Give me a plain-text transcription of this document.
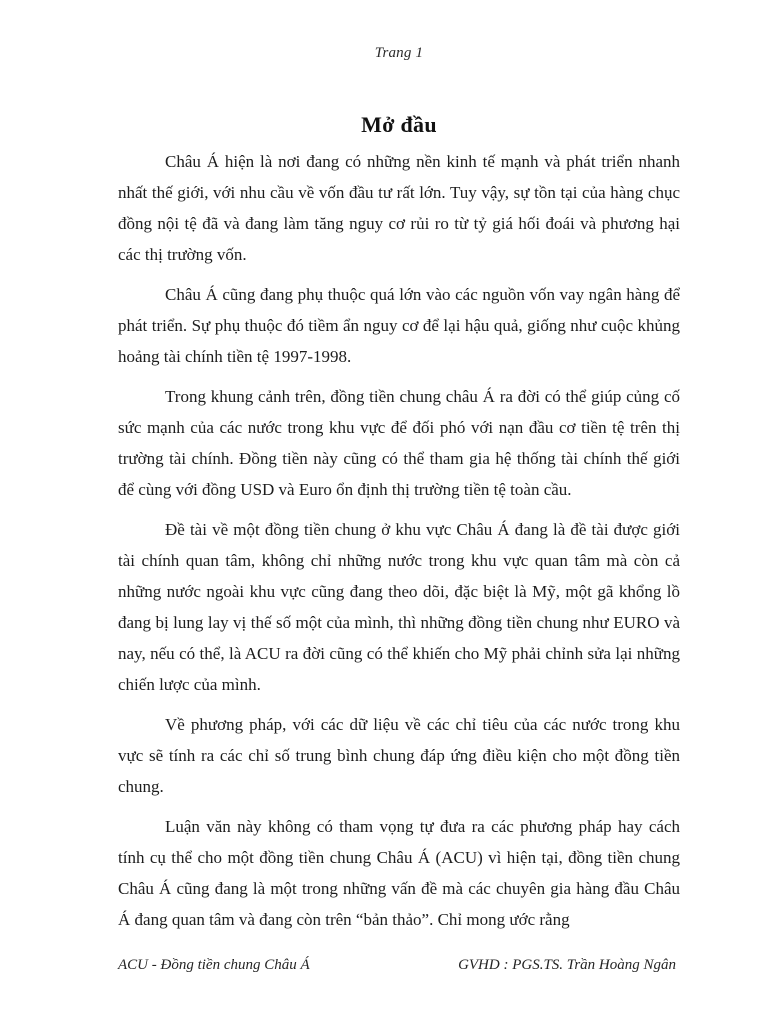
Trang 1
Mở đầu

Châu Á hiện là nơi đang có những nền kinh tế mạnh và phát triển nhanh nhất thế giới, với nhu cầu về vốn đầu tư rất lớn. Tuy vậy, sự tồn tại của hàng chục đồng nội tệ đã và đang làm tăng nguy cơ rủi ro từ tỷ giá hối đoái và phương hại các thị trường vốn.

Châu Á cũng đang phụ thuộc quá lớn vào các nguồn vốn vay ngân hàng để phát triển. Sự phụ thuộc đó tiềm ẩn nguy cơ để lại hậu quả, giống như cuộc khủng hoảng tài chính tiền tệ 1997-1998.

Trong khung cảnh trên, đồng tiền chung châu Á ra đời có thể giúp củng cố sức mạnh của các nước trong khu vực để đối phó với nạn đầu cơ tiền tệ trên thị trường tài chính. Đồng tiền này cũng có thể tham gia hệ thống tài chính thế giới để cùng với đồng USD và Euro ổn định thị trường tiền tệ toàn cầu.

Đề tài về một đồng tiền chung ở khu vực Châu Á đang là đề tài được giới tài chính quan tâm, không chỉ những nước trong khu vực quan tâm mà còn cả những nước ngoài khu vực cũng đang theo dõi, đặc biệt là Mỹ, một gã khổng lồ đang bị lung lay vị thế số một của mình, thì những đồng tiền chung như EURO và nay, nếu có thể, là ACU ra đời cũng có thể khiến cho Mỹ phải chỉnh sửa lại những chiến lược của mình.

Về phương pháp, với các dữ liệu về các chỉ tiêu của các nước trong khu vực sẽ tính ra các chỉ số trung bình chung đáp ứng điều kiện cho một đồng tiền chung.

Luận văn này không có tham vọng tự đưa ra các phương pháp hay cách tính cụ thể cho một đồng tiền chung Châu Á (ACU) vì hiện tại, đồng tiền chung Châu Á cũng đang là một trong những vấn đề mà các chuyên gia hàng đầu Châu Á đang quan tâm và đang còn trên “bản thảo”. Chỉ mong ước rằng

ACU - Đồng tiền chung Châu Á	GVHD : PGS.TS. Trần Hoàng Ngân
